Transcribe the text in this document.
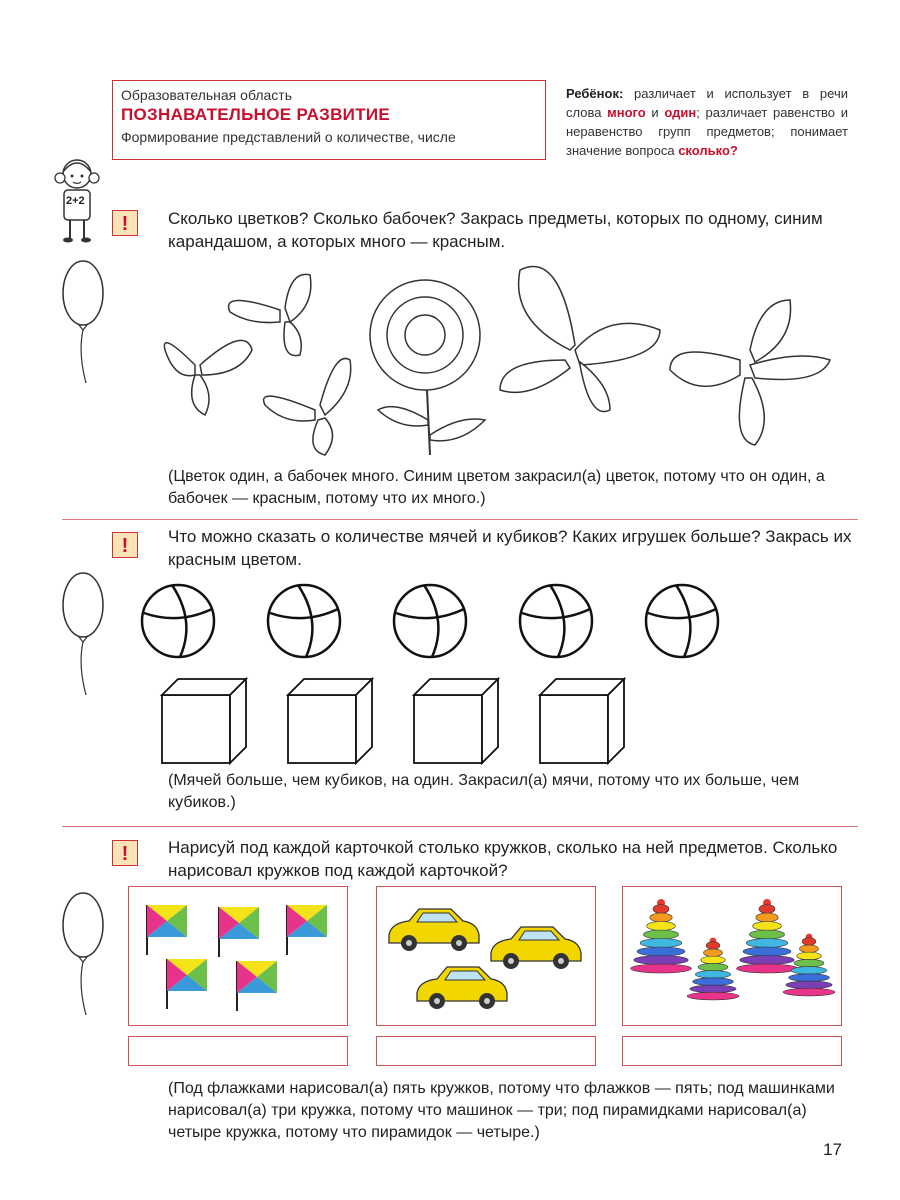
Образовательная область
ПОЗНАВАТЕЛЬНОЕ РАЗВИТИЕ
Формирование представлений о количестве, числе
Ребёнок: различает и использует в речи слова много и один; различает равенство и неравенство групп предметов; понимает значение вопроса сколько?
2+2
!	Сколько цветков? Сколько бабочек? Закрась предметы, которых по одному, синим карандашом, а которых много — красным.
(Цветок один, а бабочек много. Синим цветом закрасил(а) цветок, потому что он один, а бабочек — красным, потому что их много.)
!	Что можно сказать о количестве мячей и кубиков? Каких игрушек больше? Закрась их красным цветом.
(Мячей больше, чем кубиков, на один. Закрасил(а) мячи, потому что их больше, чем кубиков.)
!	Нарисуй под каждой карточкой столько кружков, сколько на ней предметов. Сколько нарисовал кружков под каждой карточкой?
(Под флажками нарисовал(а) пять кружков, потому что флажков — пять; под машинками нарисовал(а) три кружка, потому что машинок — три; под пирамидками нарисовал(а) четыре кружка, потому что пирамидок — четыре.)
17
